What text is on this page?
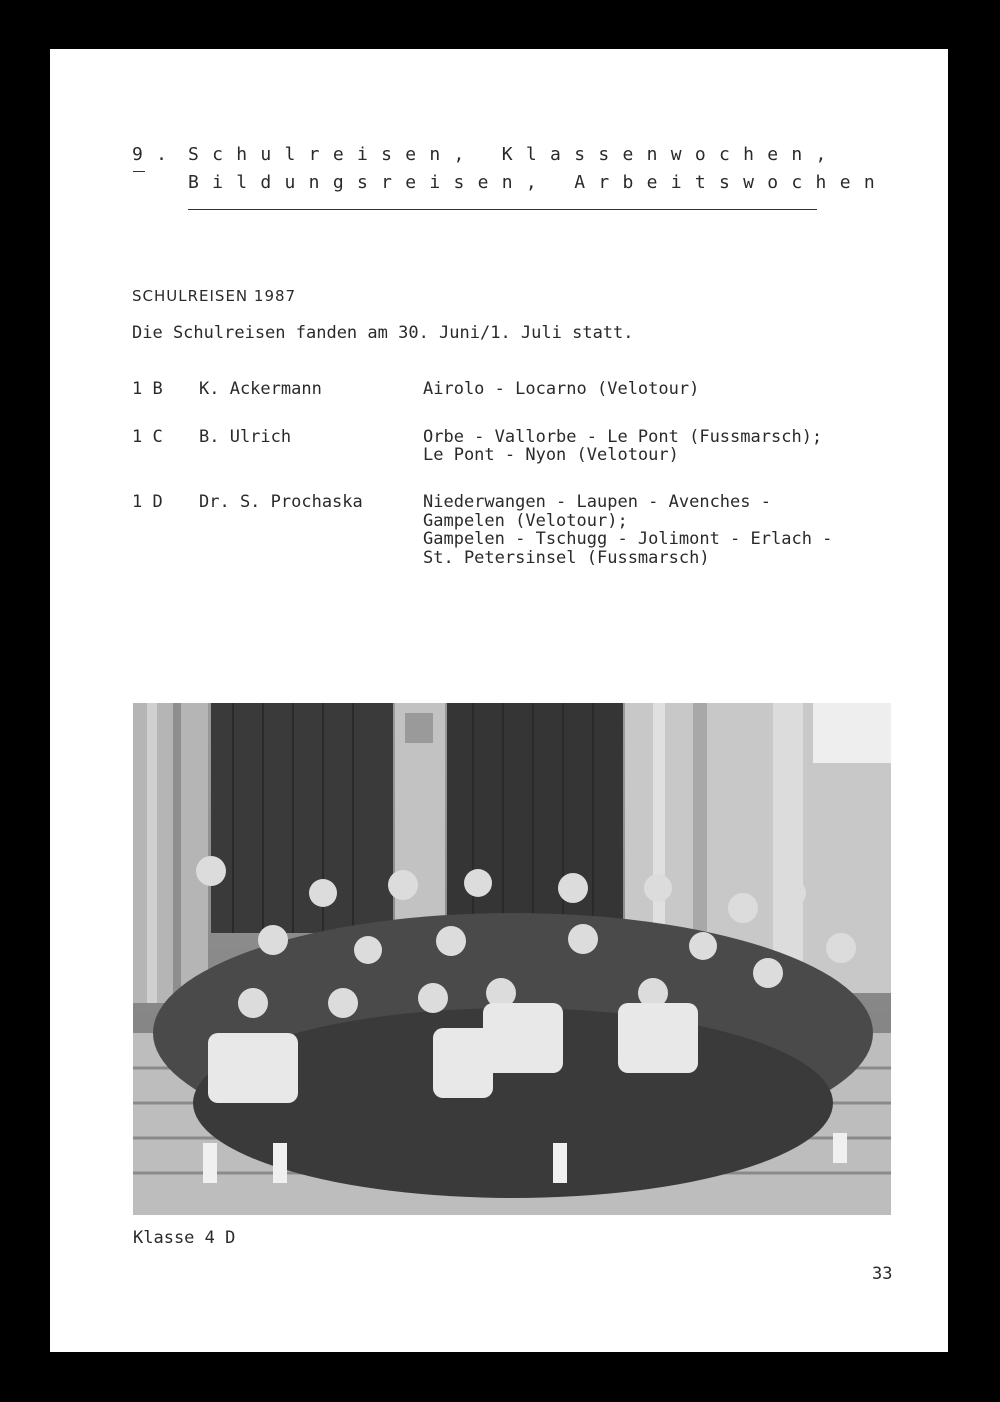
9. Schulreisen, Klassenwochen,
Bildungsreisen, Arbeitswochen
SCHULREISEN 1987
Die Schulreisen fanden am 30. Juni/1. Juli statt.
1 B K. Ackermann	Airolo - Locarno (Velotour)
1 C B. Ulrich	Orbe - Vallorbe - Le Pont (Fussmarsch);
Le Pont - Nyon (Velotour)
1 D Dr. S. Prochaska	Niederwangen - Laupen - Avenches -
Gampelen (Velotour);
Gampelen - Tschugg - Jolimont - Erlach -
St. Petersinsel (Fussmarsch)
Klasse 4 D
33
